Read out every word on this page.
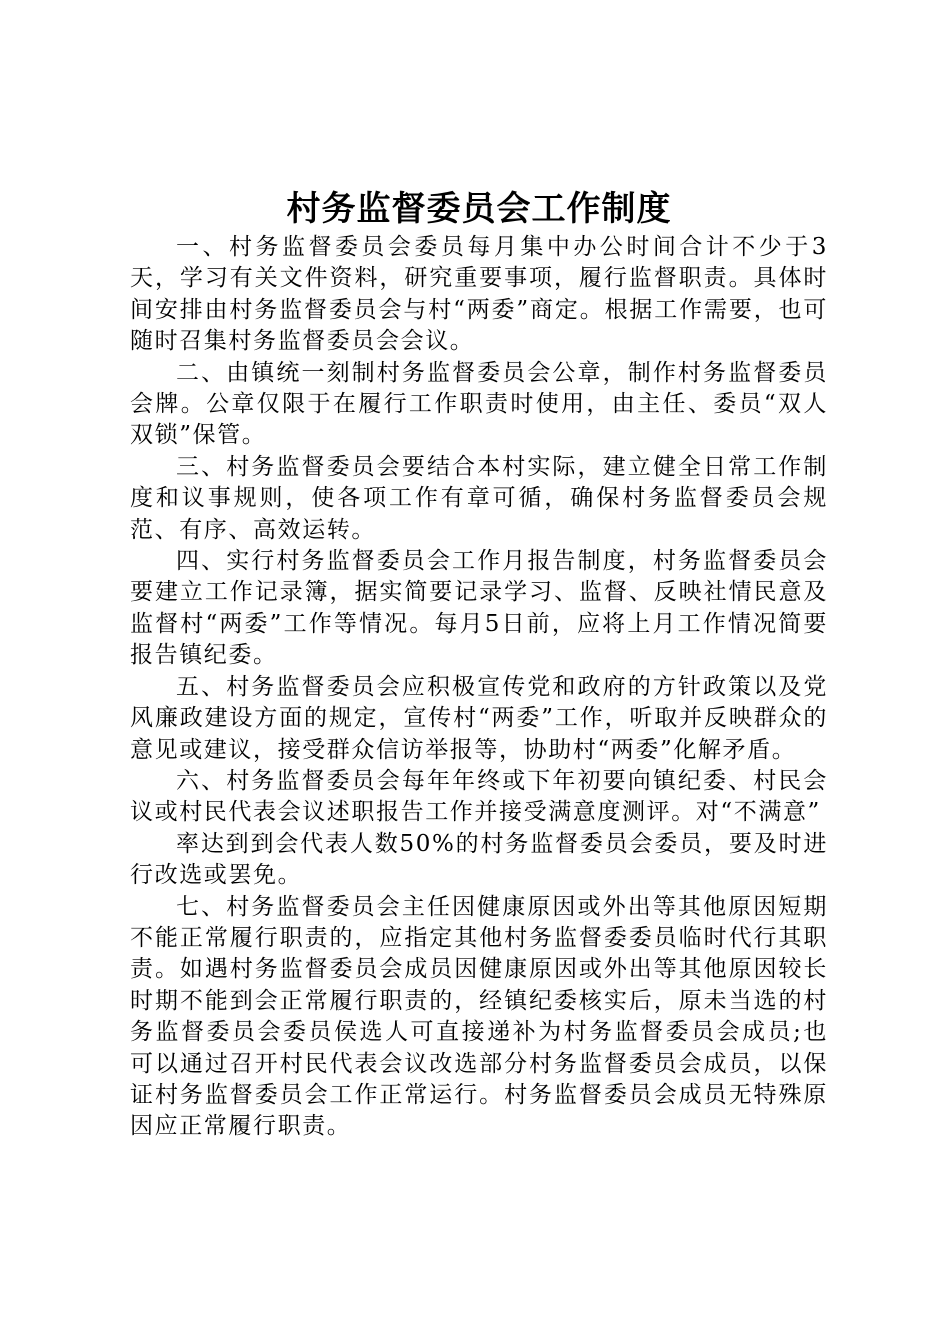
村务监督委员会工作制度

一、村务监督委员会委员每月集中办公时间合计不少于3天，学习有关文件资料，研究重要事项，履行监督职责。具体时间安排由村务监督委员会与村“两委”商定。根据工作需要，也可随时召集村务监督委员会会议。

二、由镇统一刻制村务监督委员会公章，制作村务监督委员会牌。公章仅限于在履行工作职责时使用，由主任、委员“双人双锁”保管。

三、村务监督委员会要结合本村实际，建立健全日常工作制度和议事规则，使各项工作有章可循，确保村务监督委员会规范、有序、高效运转。

四、实行村务监督委员会工作月报告制度，村务监督委员会要建立工作记录簿，据实简要记录学习、监督、反映社情民意及监督村“两委”工作等情况。每月5日前，应将上月工作情况简要报告镇纪委。

五、村务监督委员会应积极宣传党和政府的方针政策以及党风廉政建设方面的规定，宣传村“两委”工作，听取并反映群众的意见或建议，接受群众信访举报等，协助村“两委”化解矛盾。

六、村务监督委员会每年年终或下年初要向镇纪委、村民会议或村民代表会议述职报告工作并接受满意度测评。对“不满意”

率达到到会代表人数50%的村务监督委员会委员，要及时进行改选或罢免。

七、村务监督委员会主任因健康原因或外出等其他原因短期不能正常履行职责的，应指定其他村务监督委委员临时代行其职责。如遇村务监督委员会成员因健康原因或外出等其他原因较长时期不能到会正常履行职责的，经镇纪委核实后，原未当选的村务监督委员会委员侯选人可直接递补为村务监督委员会成员;也可以通过召开村民代表会议改选部分村务监督委员会成员，以保证村务监督委员会工作正常运行。村务监督委员会成员无特殊原因应正常履行职责。
